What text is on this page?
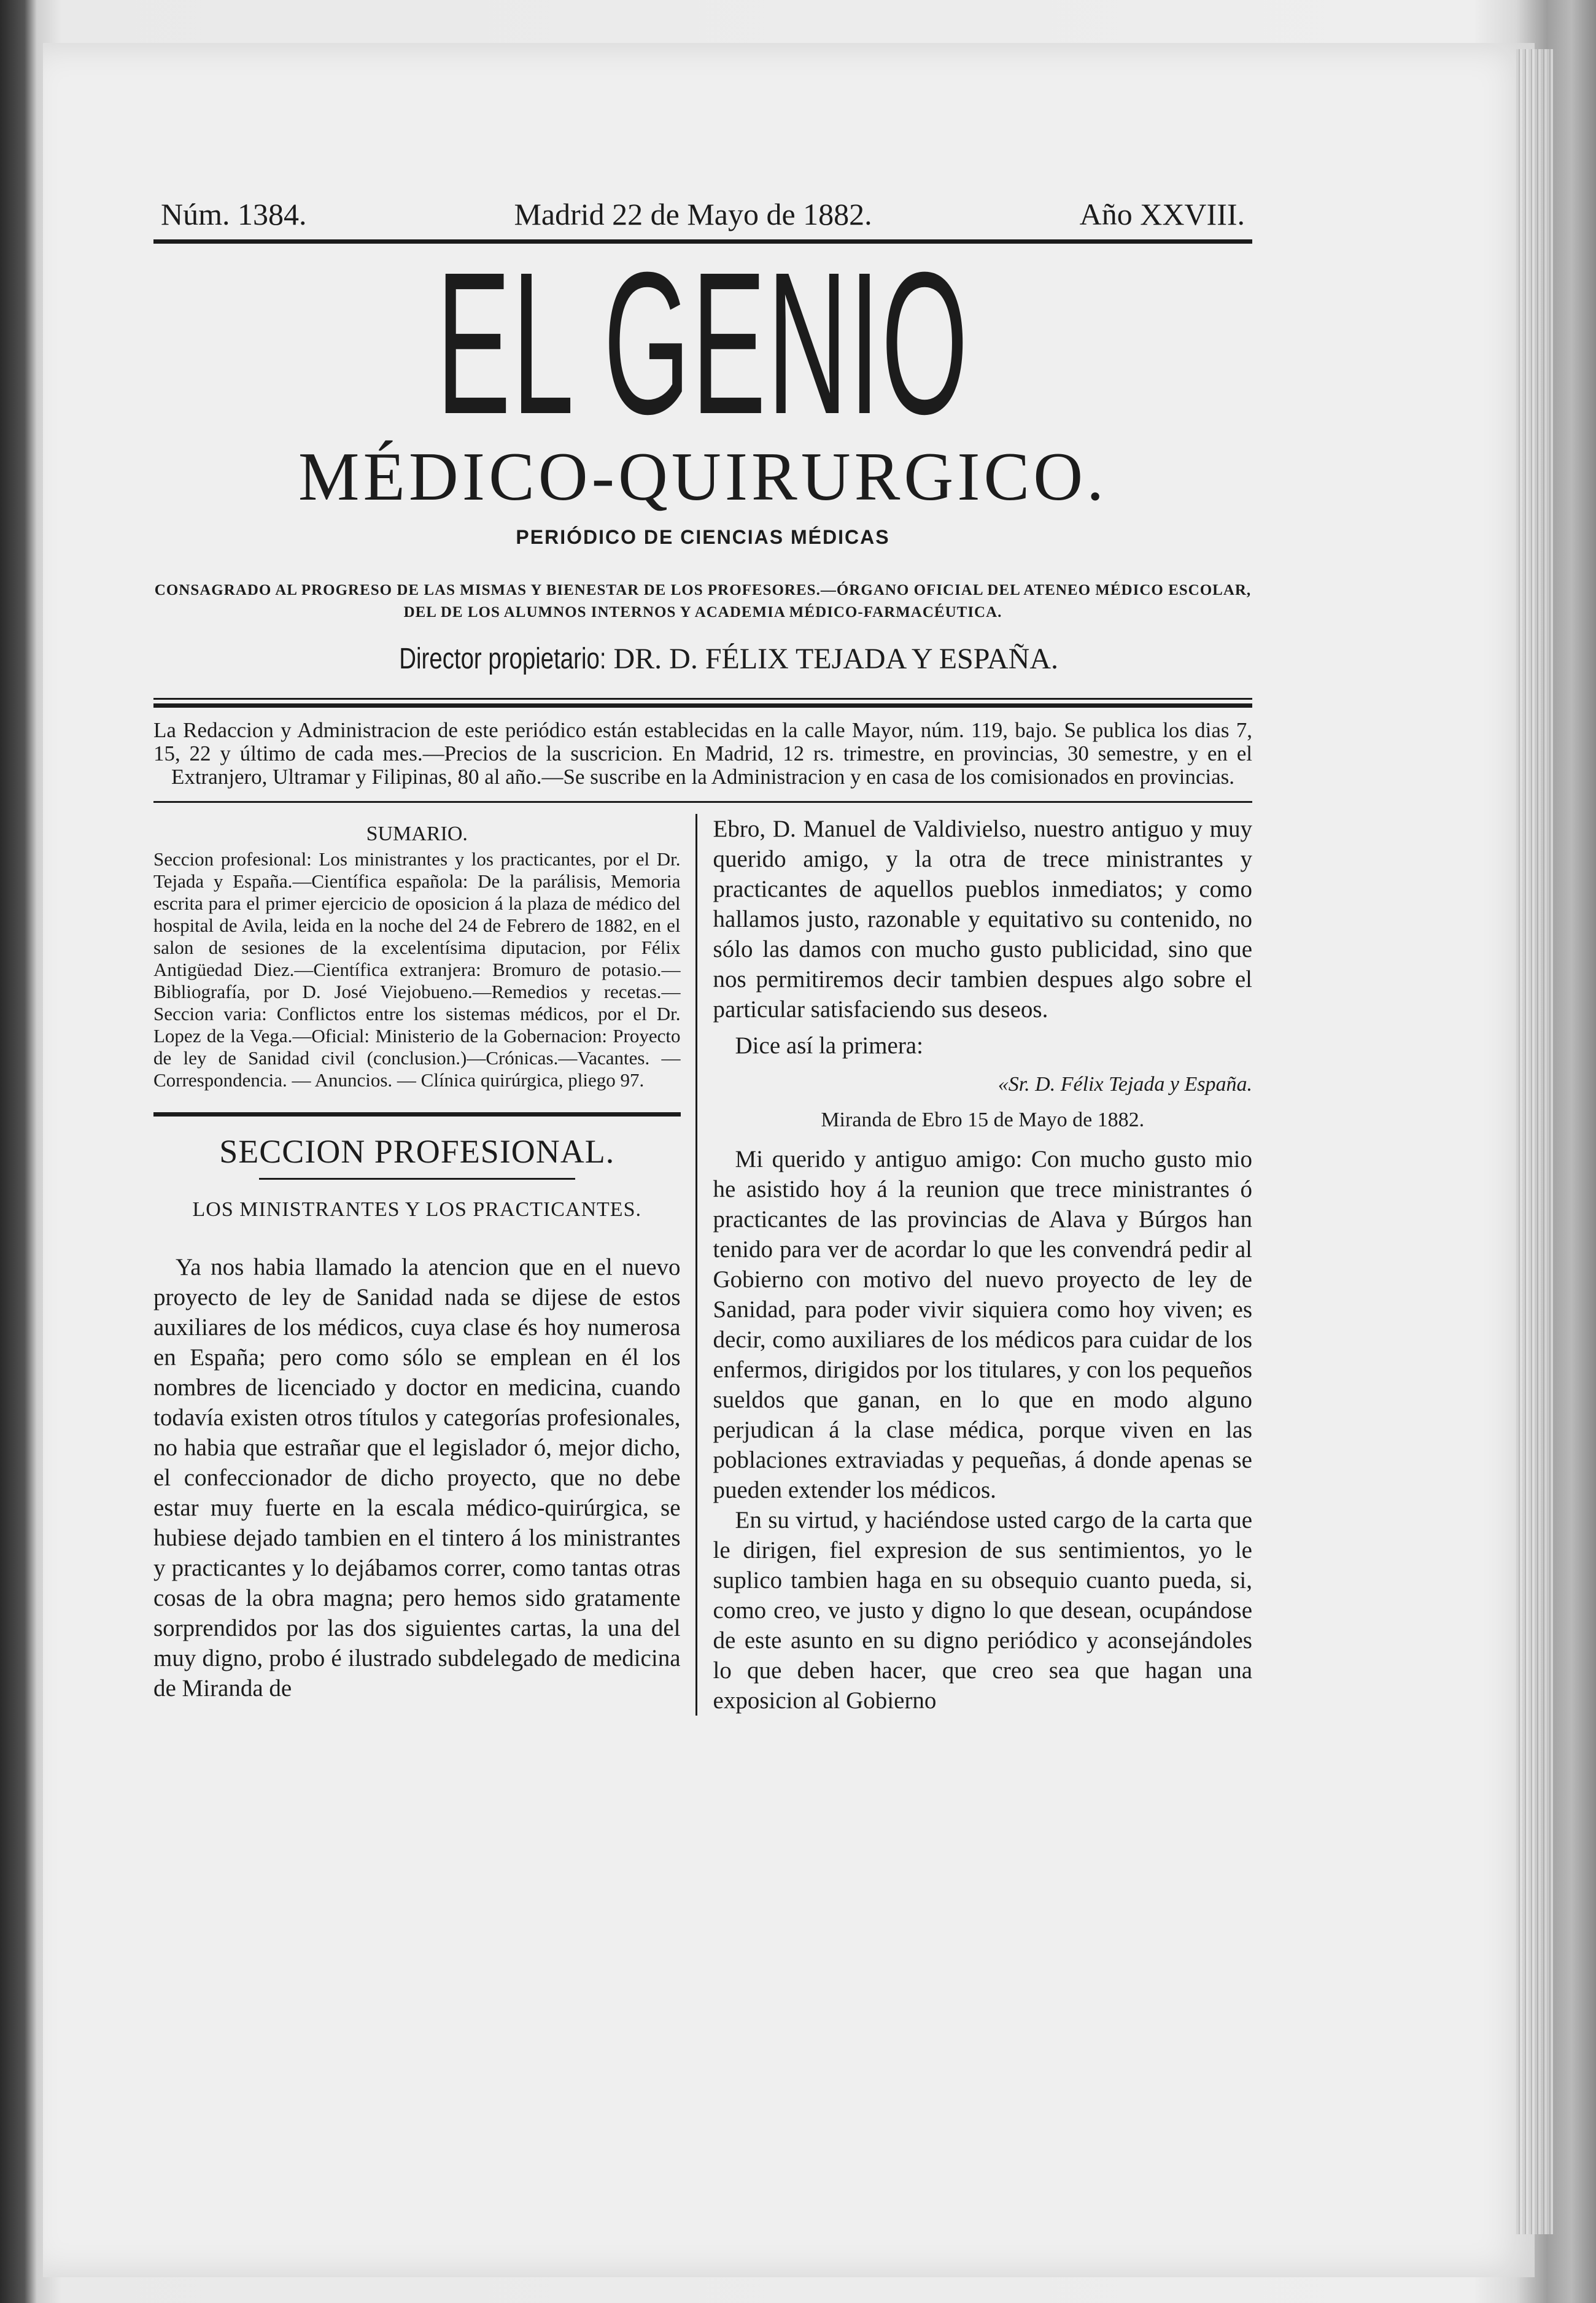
Núm. 1384.	Madrid 22 de Mayo de 1882.	Año XXVIII.
EL GENIO
MÉDICO-QUIRURGICO.
PERIÓDICO DE CIENCIAS MÉDICAS
CONSAGRADO AL PROGRESO DE LAS MISMAS Y BIENESTAR DE LOS PROFESORES.—ÓRGANO OFICIAL DEL ATENEO MÉDICO ESCOLAR, DEL DE LOS ALUMNOS INTERNOS Y ACADEMIA MÉDICO-FARMACÉUTICA.
Director propietario: DR. D. FÉLIX TEJADA Y ESPAÑA.
La Redaccion y Administracion de este periódico están establecidas en la calle Mayor, núm. 119, bajo. Se publica los dias 7, 15, 22 y último de cada mes.—Precios de la suscricion. En Madrid, 12 rs. trimestre, en provincias, 30 semestre, y en el Extranjero, Ultramar y Filipinas, 80 al año.—Se suscribe en la Administracion y en casa de los comisionados en provincias.
SUMARIO.
Seccion profesional: Los ministrantes y los practicantes, por el Dr. Tejada y España.—Científica española: De la parálisis, Memoria escrita para el primer ejercicio de oposicion á la plaza de médico del hospital de Avila, leida en la noche del 24 de Febrero de 1882, en el salon de sesiones de la excelentísima diputacion, por Félix Antigüedad Diez.—Científica extranjera: Bromuro de potasio.—Bibliografía, por D. José Viejobueno.—Remedios y recetas.—Seccion varia: Conflictos entre los sistemas médicos, por el Dr. Lopez de la Vega.—Oficial: Ministerio de la Gobernacion: Proyecto de ley de Sanidad civil (conclusion.)—Crónicas.—Vacantes. — Correspondencia. — Anuncios. — Clínica quirúrgica, pliego 97.
SECCION PROFESIONAL.
LOS MINISTRANTES Y LOS PRACTICANTES.

Ya nos habia llamado la atencion que en el nuevo proyecto de ley de Sanidad nada se dijese de estos auxiliares de los médicos, cuya clase és hoy numerosa en España; pero como sólo se emplean en él los nombres de licenciado y doctor en medicina, cuando todavía existen otros títulos y categorías profesionales, no habia que estrañar que el legislador ó, mejor dicho, el confeccionador de dicho proyecto, que no debe estar muy fuerte en la escala médico-quirúrgica, se hubiese dejado tambien en el tintero á los ministrantes y practicantes y lo dejábamos correr, como tantas otras cosas de la obra magna; pero hemos sido gratamente sorprendidos por las dos siguientes cartas, la una del muy digno, probo é ilustrado subdelegado de medicina de Miranda de

Ebro, D. Manuel de Valdivielso, nuestro antiguo y muy querido amigo, y la otra de trece ministrantes y practicantes de aquellos pueblos inmediatos; y como hallamos justo, razonable y equitativo su contenido, no sólo las damos con mucho gusto publicidad, sino que nos permitiremos decir tambien despues algo sobre el particular satisfaciendo sus deseos.

Dice así la primera:

«Sr. D. Félix Tejada y España.
Miranda de Ebro 15 de Mayo de 1882.

Mi querido y antiguo amigo: Con mucho gusto mio he asistido hoy á la reunion que trece ministrantes ó practicantes de las provincias de Alava y Búrgos han tenido para ver de acordar lo que les convendrá pedir al Gobierno con motivo del nuevo proyecto de ley de Sanidad, para poder vivir siquiera como hoy viven; es decir, como auxiliares de los médicos para cuidar de los enfermos, dirigidos por los titulares, y con los pequeños sueldos que ganan, en lo que en modo alguno perjudican á la clase médica, porque viven en las poblaciones extraviadas y pequeñas, á donde apenas se pueden extender los médicos.

En su virtud, y haciéndose usted cargo de la carta que le dirigen, fiel expresion de sus sentimientos, yo le suplico tambien haga en su obsequio cuanto pueda, si, como creo, ve justo y digno lo que desean, ocupándose de este asunto en su digno periódico y aconsejándoles lo que deben hacer, que creo sea que hagan una exposicion al Gobierno
